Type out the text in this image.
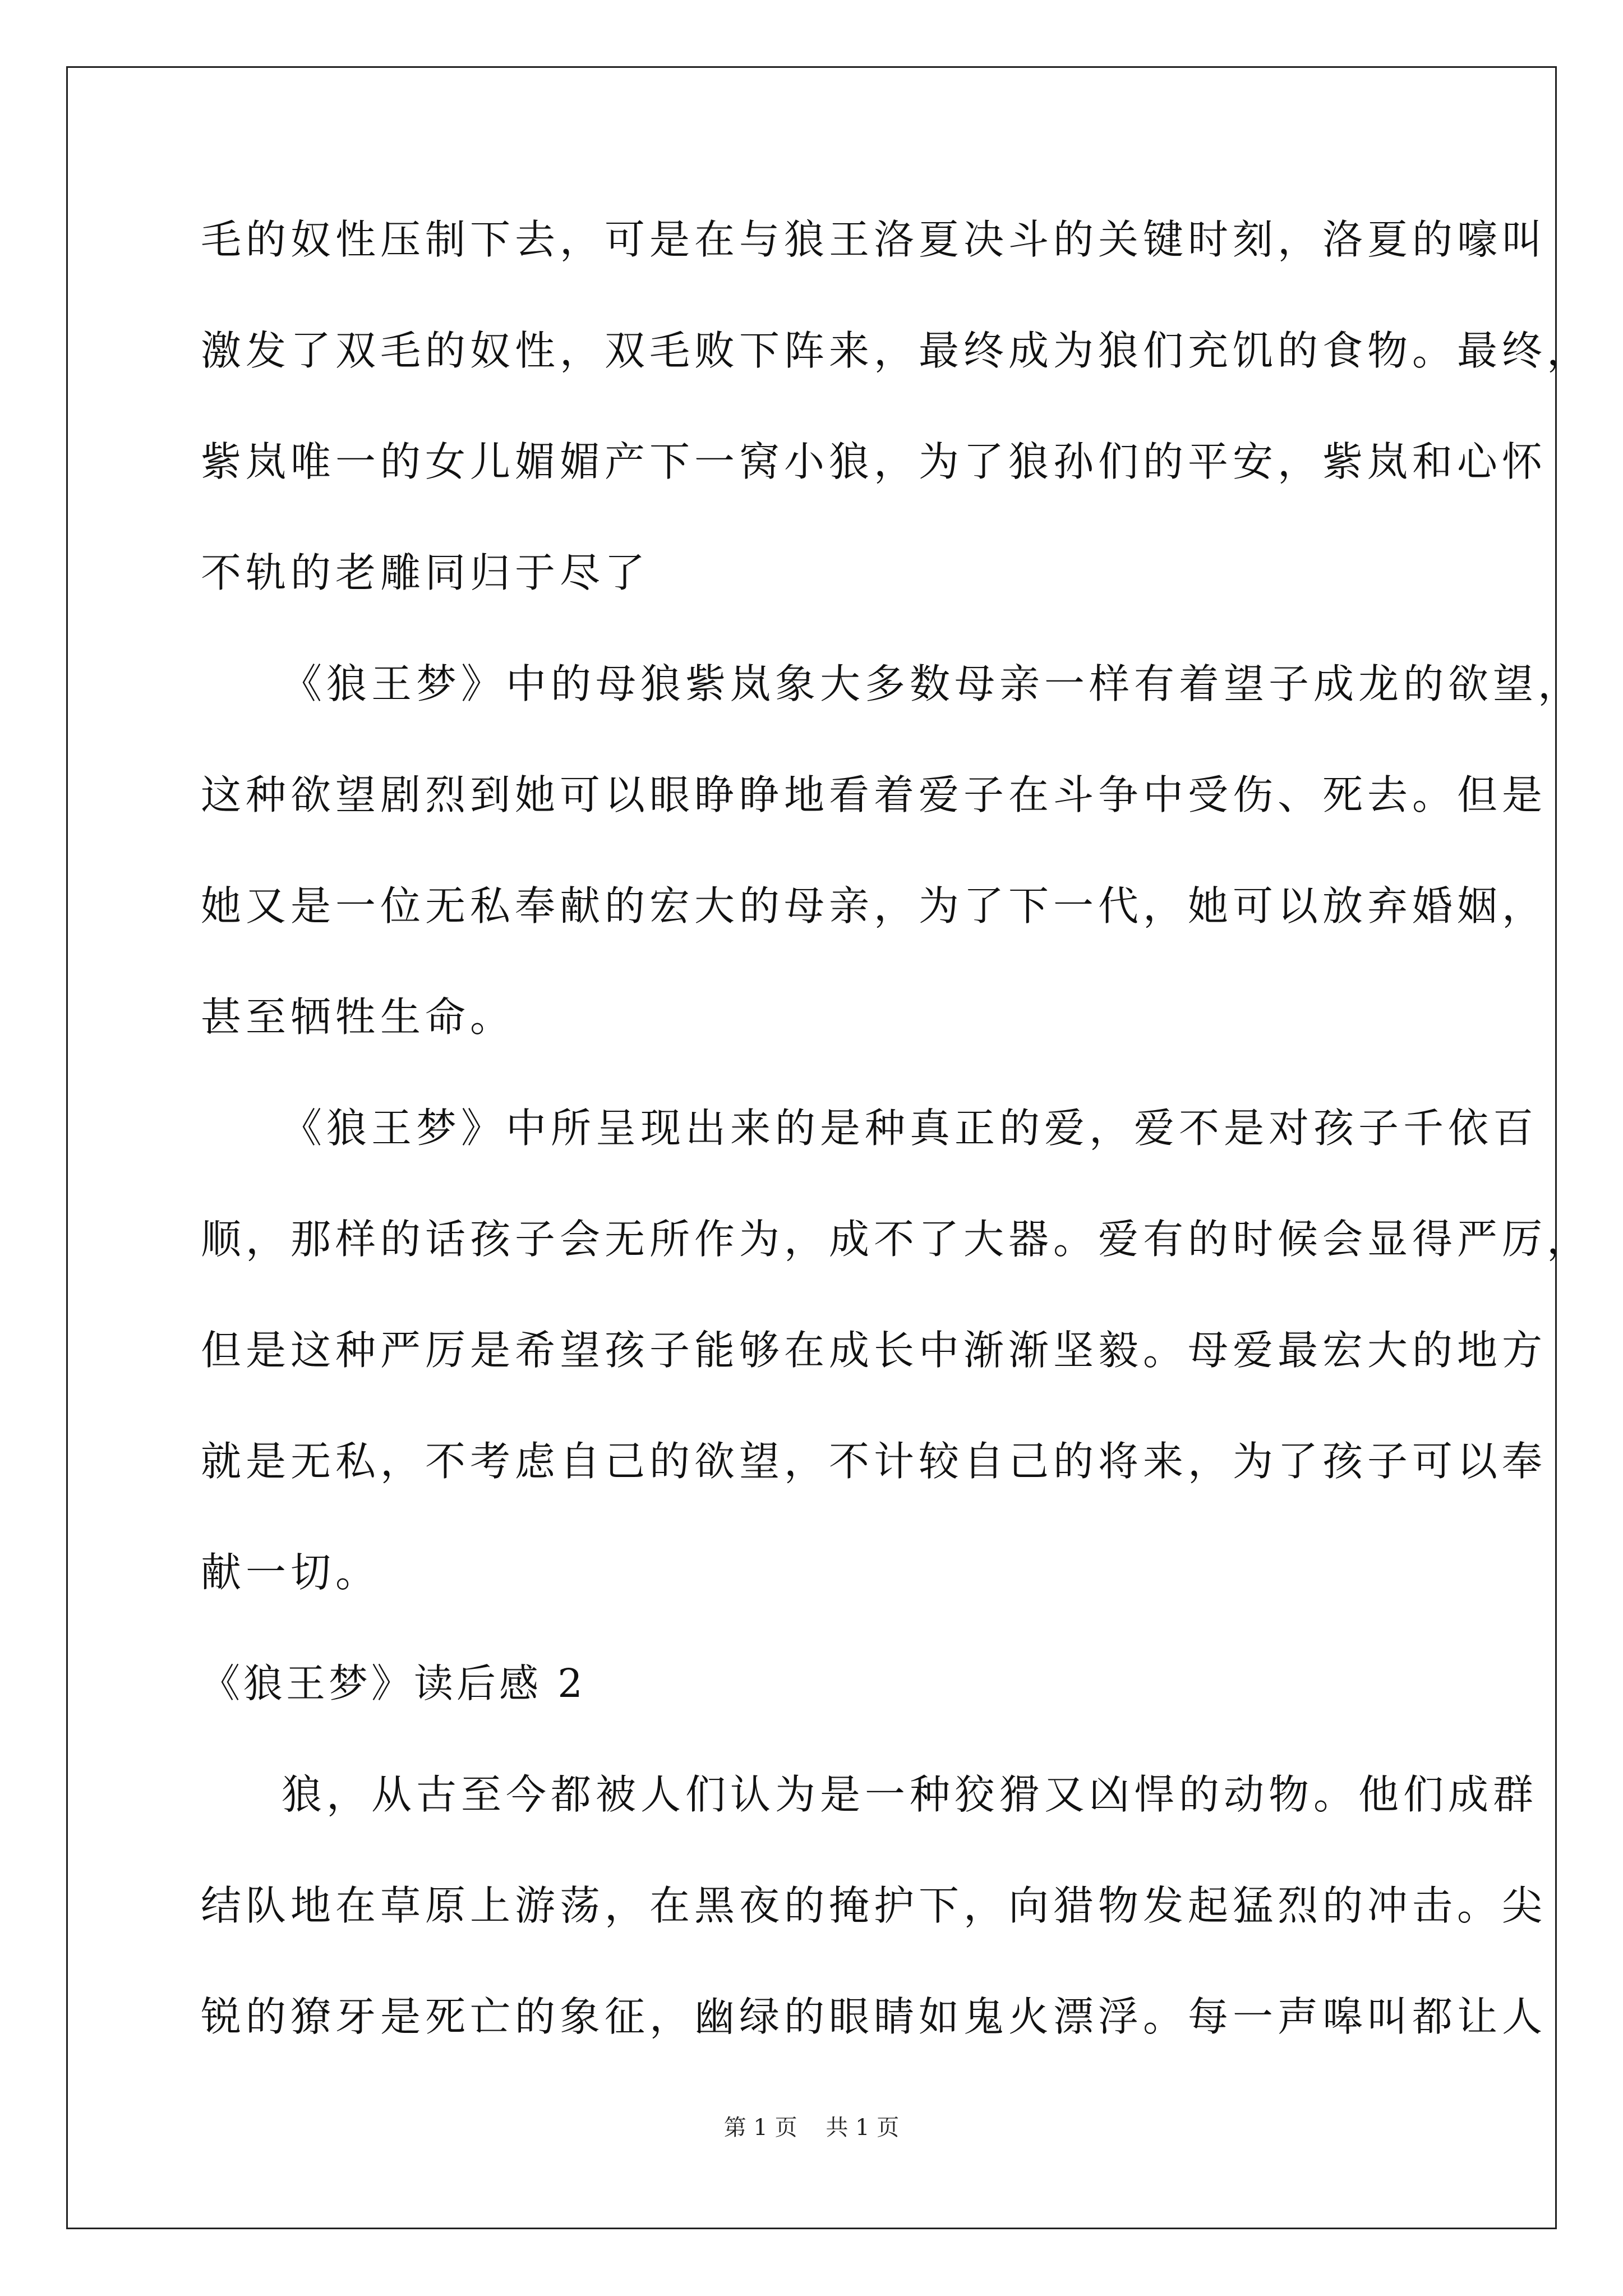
毛的奴性压制下去，可是在与狼王洛夏决斗的关键时刻，洛夏的嚎叫
激发了双毛的奴性，双毛败下阵来，最终成为狼们充饥的食物。最终，
紫岚唯一的女儿媚媚产下一窝小狼，为了狼孙们的平安，紫岚和心怀
不轨的老雕同归于尽了
《狼王梦》中的母狼紫岚象大多数母亲一样有着望子成龙的欲望，
这种欲望剧烈到她可以眼睁睁地看着爱子在斗争中受伤、死去。但是
她又是一位无私奉献的宏大的母亲，为了下一代，她可以放弃婚姻，
甚至牺牲生命。
《狼王梦》中所呈现出来的是种真正的爱，爱不是对孩子千依百
顺，那样的话孩子会无所作为，成不了大器。爱有的时候会显得严厉，
但是这种严厉是希望孩子能够在成长中渐渐坚毅。母爱最宏大的地方
就是无私，不考虑自己的欲望，不计较自己的将来，为了孩子可以奉
献一切。
《狼王梦》读后感 2
狼，从古至今都被人们认为是一种狡猾又凶悍的动物。他们成群
结队地在草原上游荡，在黑夜的掩护下，向猎物发起猛烈的冲击。尖
锐的獠牙是死亡的象征，幽绿的眼睛如鬼火漂浮。每一声嗥叫都让人
第 1 页    共 1 页
